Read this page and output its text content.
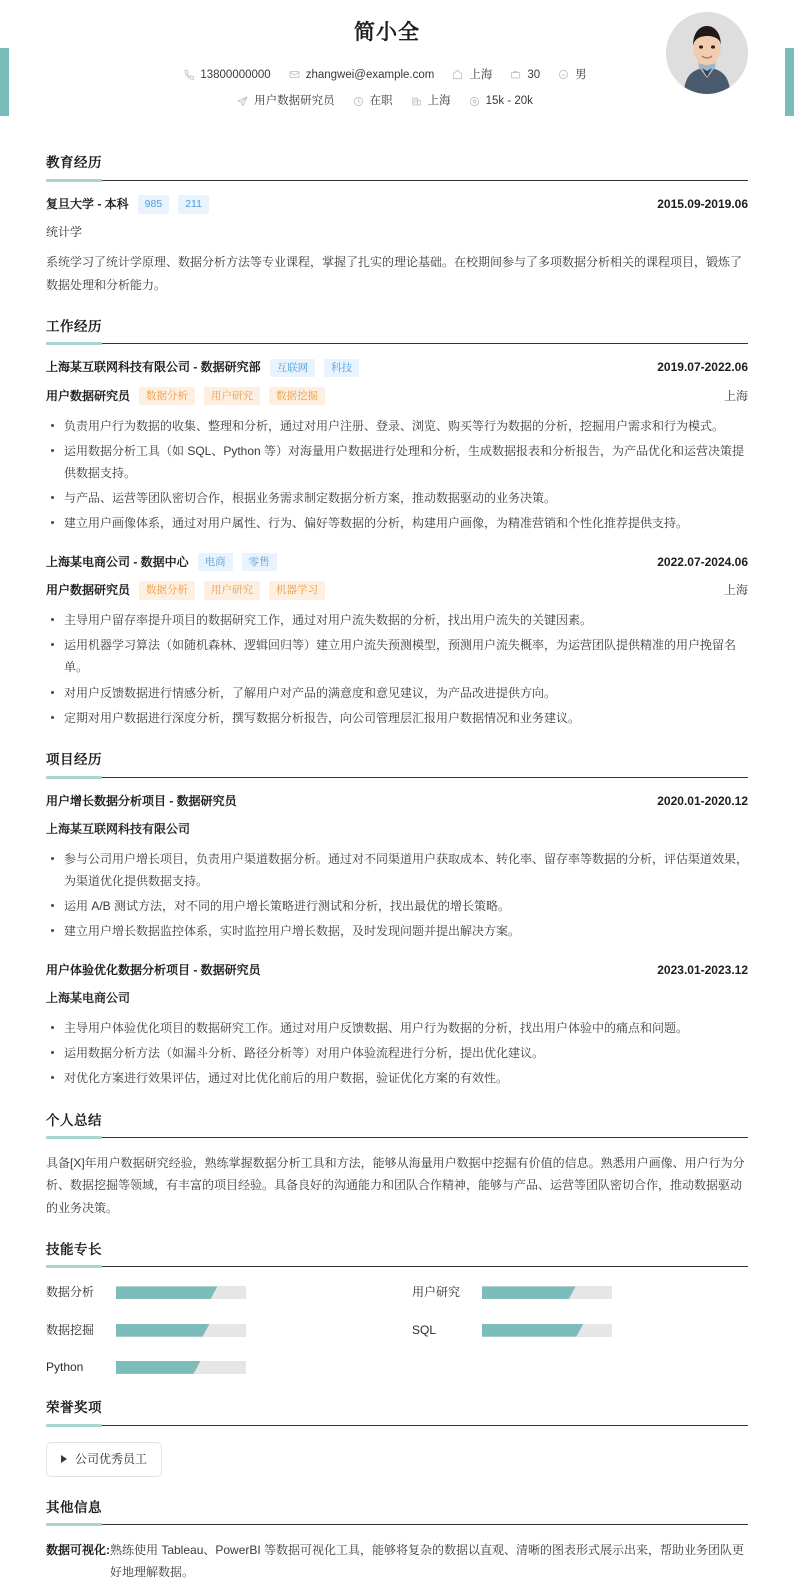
简小全
13800000000	zhangwei@example.com	上海	30	男
用户数据研究员	在职	上海	15k - 20k
教育经历
复旦大学 - 本科	985	211	2015.09-2019.06
统计学
系统学习了统计学原理、数据分析方法等专业课程，掌握了扎实的理论基础。在校期间参与了多项数据分析相关的课程项目，锻炼了数据处理和分析能力。
工作经历
上海某互联网科技有限公司 - 数据研究部	互联网	科技	2019.07-2022.06
用户数据研究员	数据分析	用户研究	数据挖掘	上海
负责用户行为数据的收集、整理和分析，通过对用户注册、登录、浏览、购买等行为数据的分析，挖掘用户需求和行为模式。
运用数据分析工具（如 SQL、Python 等）对海量用户数据进行处理和分析，生成数据报表和分析报告，为产品优化和运营决策提供数据支持。
与产品、运营等团队密切合作，根据业务需求制定数据分析方案，推动数据驱动的业务决策。
建立用户画像体系，通过对用户属性、行为、偏好等数据的分析，构建用户画像，为精准营销和个性化推荐提供支持。
上海某电商公司 - 数据中心	电商	零售	2022.07-2024.06
用户数据研究员	数据分析	用户研究	机器学习	上海
主导用户留存率提升项目的数据研究工作，通过对用户流失数据的分析，找出用户流失的关键因素。
运用机器学习算法（如随机森林、逻辑回归等）建立用户流失预测模型，预测用户流失概率，为运营团队提供精准的用户挽留名单。
对用户反馈数据进行情感分析，了解用户对产品的满意度和意见建议，为产品改进提供方向。
定期对用户数据进行深度分析，撰写数据分析报告，向公司管理层汇报用户数据情况和业务建议。
项目经历
用户增长数据分析项目 - 数据研究员	2020.01-2020.12
上海某互联网科技有限公司
参与公司用户增长项目，负责用户渠道数据分析。通过对不同渠道用户获取成本、转化率、留存率等数据的分析，评估渠道效果，为渠道优化提供数据支持。
运用 A/B 测试方法，对不同的用户增长策略进行测试和分析，找出最优的增长策略。
建立用户增长数据监控体系，实时监控用户增长数据，及时发现问题并提出解决方案。
用户体验优化数据分析项目 - 数据研究员	2023.01-2023.12
上海某电商公司
主导用户体验优化项目的数据研究工作。通过对用户反馈数据、用户行为数据的分析，找出用户体验中的痛点和问题。
运用数据分析方法（如漏斗分析、路径分析等）对用户体验流程进行分析，提出优化建议。
对优化方案进行效果评估，通过对比优化前后的用户数据，验证优化方案的有效性。
个人总结
具备[X]年用户数据研究经验，熟练掌握数据分析工具和方法，能够从海量用户数据中挖掘有价值的信息。熟悉用户画像、用户行为分析、数据挖掘等领域，有丰富的项目经验。具备良好的沟通能力和团队合作精神，能够与产品、运营等团队密切合作，推动数据驱动的业务决策。
技能专长
数据分析	用户研究
数据挖掘	SQL
Python
荣誉奖项
公司优秀员工
其他信息
数据可视化: 熟练使用 Tableau、PowerBI 等数据可视化工具，能够将复杂的数据以直观、清晰的图表形式展示出来，帮助业务团队更好地理解数据。
